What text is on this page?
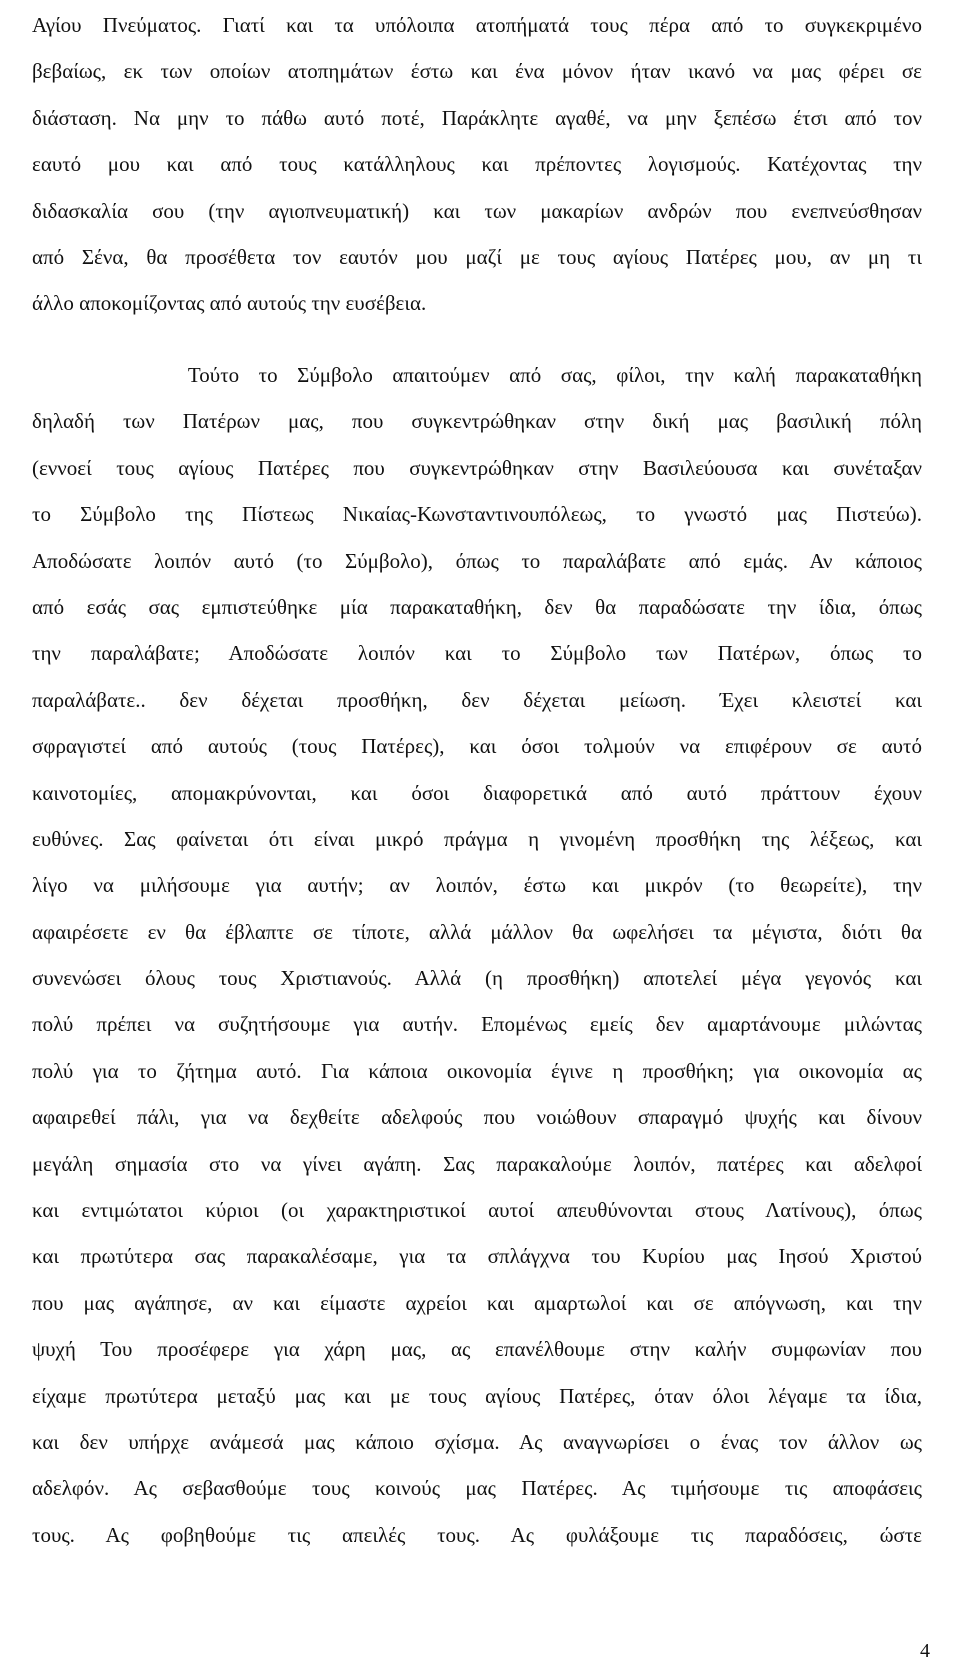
Αγίου Πνεύματος. Γιατί και τα υπόλοιπα ατοπήματά τους πέρα από το συγκεκριμένο
βεβαίως, εκ των οποίων ατοπημάτων έστω και ένα μόνον ήταν ικανό να μας φέρει σε
διάσταση. Να μην το πάθω αυτό ποτέ, Παράκλητε αγαθέ, να μην ξεπέσω έτσι από τον
εαυτό μου και από τους κατάλληλους και πρέποντες λογισμούς. Κατέχοντας την
διδασκαλία σου (την αγιοπνευματική) και των μακαρίων ανδρών που ενεπνεύσθησαν
από Σένα, θα προσέθετα τον εαυτόν μου μαζί με τους αγίους Πατέρες μου, αν μη τι
άλλο αποκομίζοντας από αυτούς την ευσέβεια.
Τούτο το Σύμβολο απαιτούμεν από σας, φίλοι, την καλή παρακαταθήκη
δηλαδή των Πατέρων μας, που συγκεντρώθηκαν στην δική μας βασιλική πόλη
(εννοεί τους αγίους Πατέρες που συγκεντρώθηκαν στην Βασιλεύουσα και συνέταξαν
το Σύμβολο της Πίστεως Νικαίας-Κωνσταντινουπόλεως, το γνωστό μας Πιστεύω).
Αποδώσατε λοιπόν αυτό (το Σύμβολο), όπως το παραλάβατε από εμάς. Αν κάποιος
από εσάς σας εμπιστεύθηκε μία παρακαταθήκη, δεν θα παραδώσατε την ίδια, όπως
την παραλάβατε; Αποδώσατε λοιπόν και το Σύμβολο των Πατέρων, όπως το
παραλάβατε.. δεν δέχεται προσθήκη, δεν δέχεται μείωση. Έχει κλειστεί και
σφραγιστεί από αυτούς (τους Πατέρες), και όσοι τολμούν να επιφέρουν σε αυτό
καινοτομίες, απομακρύνονται, και όσοι διαφορετικά από αυτό πράττουν έχουν
ευθύνες. Σας φαίνεται ότι είναι μικρό πράγμα η γινομένη προσθήκη της λέξεως, και
λίγο να μιλήσουμε για αυτήν; αν λοιπόν, έστω και μικρόν (το θεωρείτε), την
αφαιρέσετε εν θα έβλαπτε σε τίποτε, αλλά μάλλον θα ωφελήσει τα μέγιστα, διότι θα
συνενώσει όλους τους Χριστιανούς. Αλλά (η προσθήκη) αποτελεί μέγα γεγονός και
πολύ πρέπει να συζητήσουμε για αυτήν. Επομένως εμείς δεν αμαρτάνουμε μιλώντας
πολύ για το ζήτημα αυτό. Για κάποια οικονομία έγινε η προσθήκη; για οικονομία ας
αφαιρεθεί πάλι, για να δεχθείτε αδελφούς που νοιώθουν σπαραγμό ψυχής και δίνουν
μεγάλη σημασία στο να γίνει αγάπη. Σας παρακαλούμε λοιπόν, πατέρες και αδελφοί
και εντιμώτατοι κύριοι (οι χαρακτηριστικοί αυτοί απευθύνονται στους Λατίνους), όπως
και πρωτύτερα σας παρακαλέσαμε, για τα σπλάγχνα του Κυρίου μας Ιησού Χριστού
που μας αγάπησε, αν και είμαστε αχρείοι και αμαρτωλοί και σε απόγνωση, και την
ψυχή Του προσέφερε για χάρη μας, ας επανέλθουμε στην καλήν συμφωνίαν που
είχαμε πρωτύτερα μεταξύ μας και με τους αγίους Πατέρες, όταν όλοι λέγαμε τα ίδια,
και δεν υπήρχε ανάμεσά μας κάποιο σχίσμα. Ας αναγνωρίσει ο ένας τον άλλον ως
αδελφόν. Ας σεβασθούμε τους κοινούς μας Πατέρες. Ας τιμήσουμε τις αποφάσεις
τους. Ας φοβηθούμε τις απειλές τους. Ας φυλάξουμε τις παραδόσεις, ώστε
4
